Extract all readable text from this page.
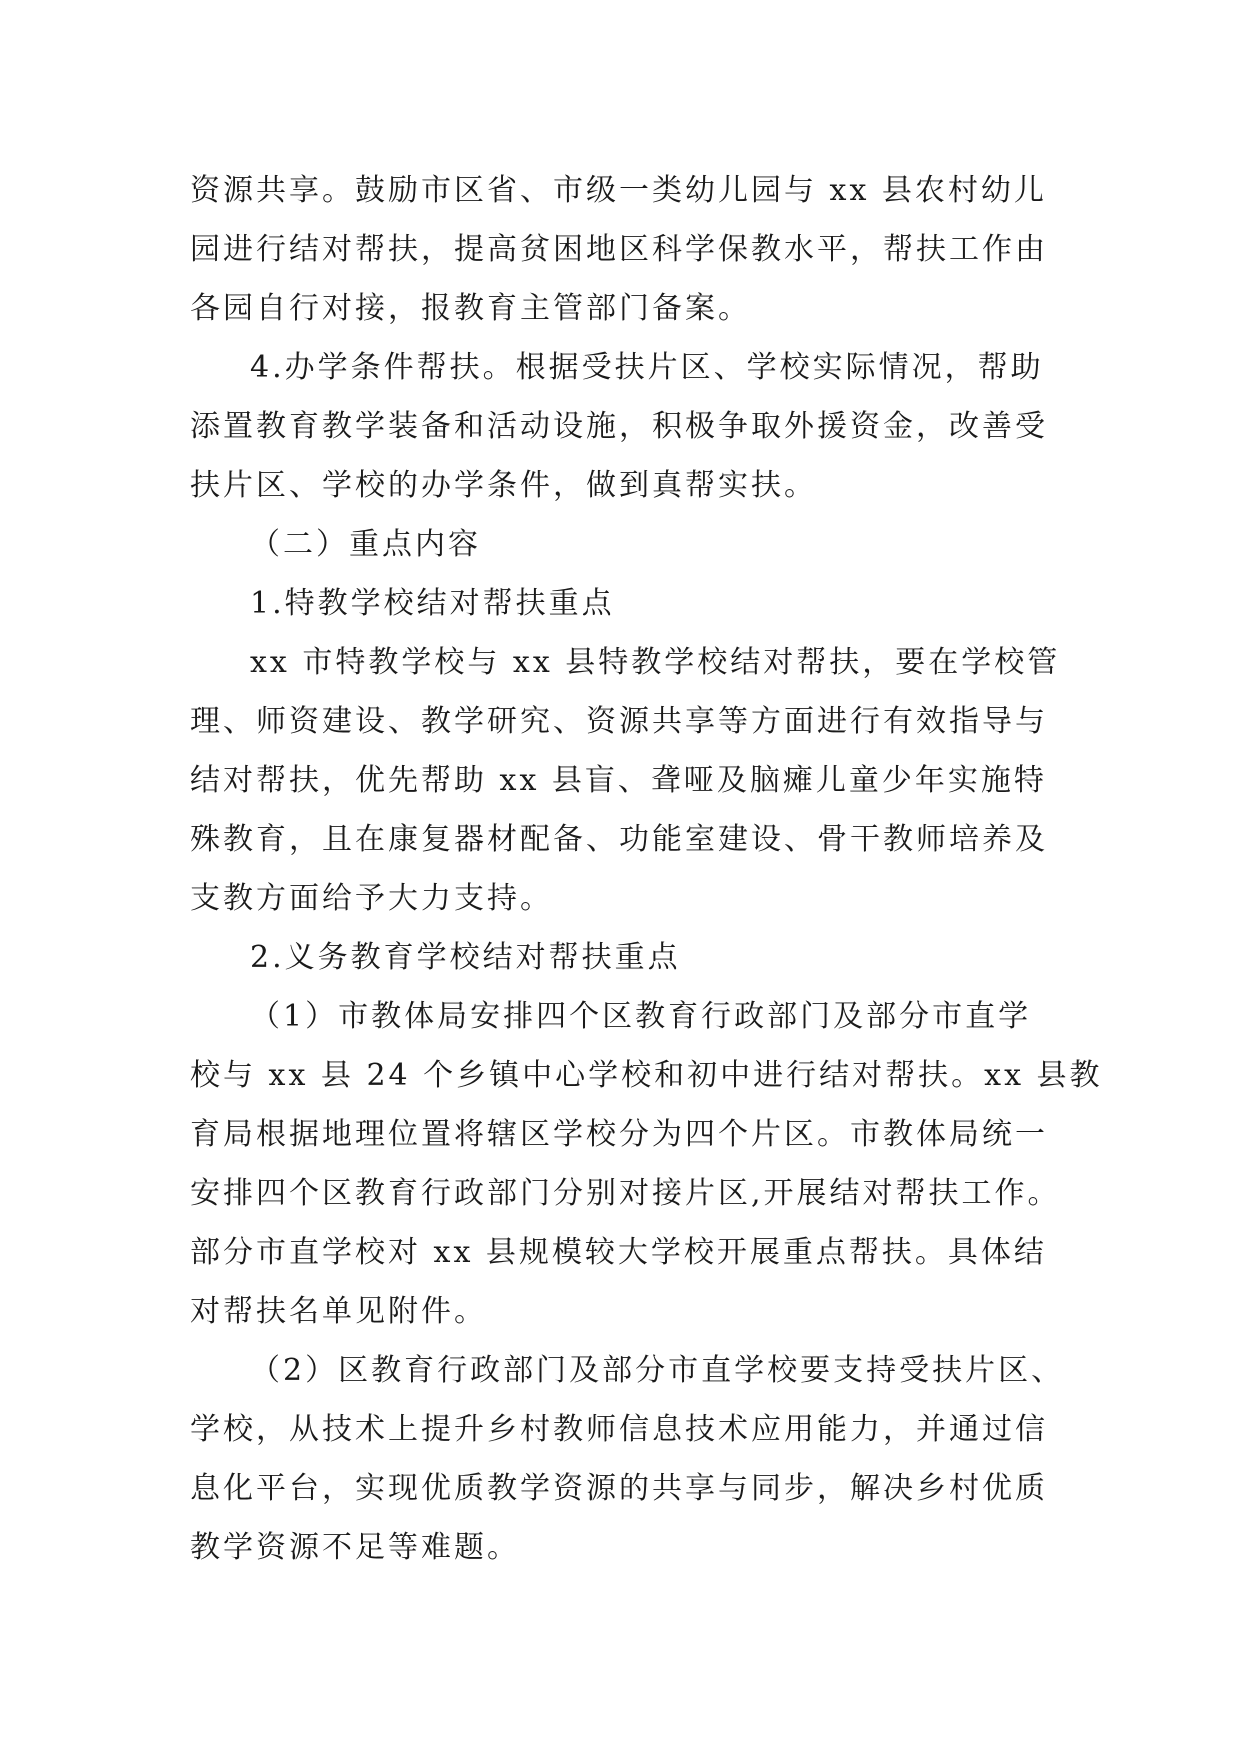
资源共享。鼓励市区省、市级一类幼儿园与 xx 县农村幼儿
园进行结对帮扶，提高贫困地区科学保教水平，帮扶工作由
各园自行对接，报教育主管部门备案。
4.办学条件帮扶。根据受扶片区、学校实际情况，帮助
添置教育教学装备和活动设施，积极争取外援资金，改善受
扶片区、学校的办学条件，做到真帮实扶。
（二）重点内容
1.特教学校结对帮扶重点
xx 市特教学校与 xx 县特教学校结对帮扶，要在学校管
理、师资建设、教学研究、资源共享等方面进行有效指导与
结对帮扶，优先帮助 xx 县盲、聋哑及脑瘫儿童少年实施特
殊教育，且在康复器材配备、功能室建设、骨干教师培养及
支教方面给予大力支持。
2.义务教育学校结对帮扶重点
（1）市教体局安排四个区教育行政部门及部分市直学
校与 xx 县 24 个乡镇中心学校和初中进行结对帮扶。xx 县教
育局根据地理位置将辖区学校分为四个片区。市教体局统一
安排四个区教育行政部门分别对接片区,开展结对帮扶工作。
部分市直学校对 xx 县规模较大学校开展重点帮扶。具体结
对帮扶名单见附件。
（2）区教育行政部门及部分市直学校要支持受扶片区、
学校，从技术上提升乡村教师信息技术应用能力，并通过信
息化平台，实现优质教学资源的共享与同步，解决乡村优质
教学资源不足等难题。
